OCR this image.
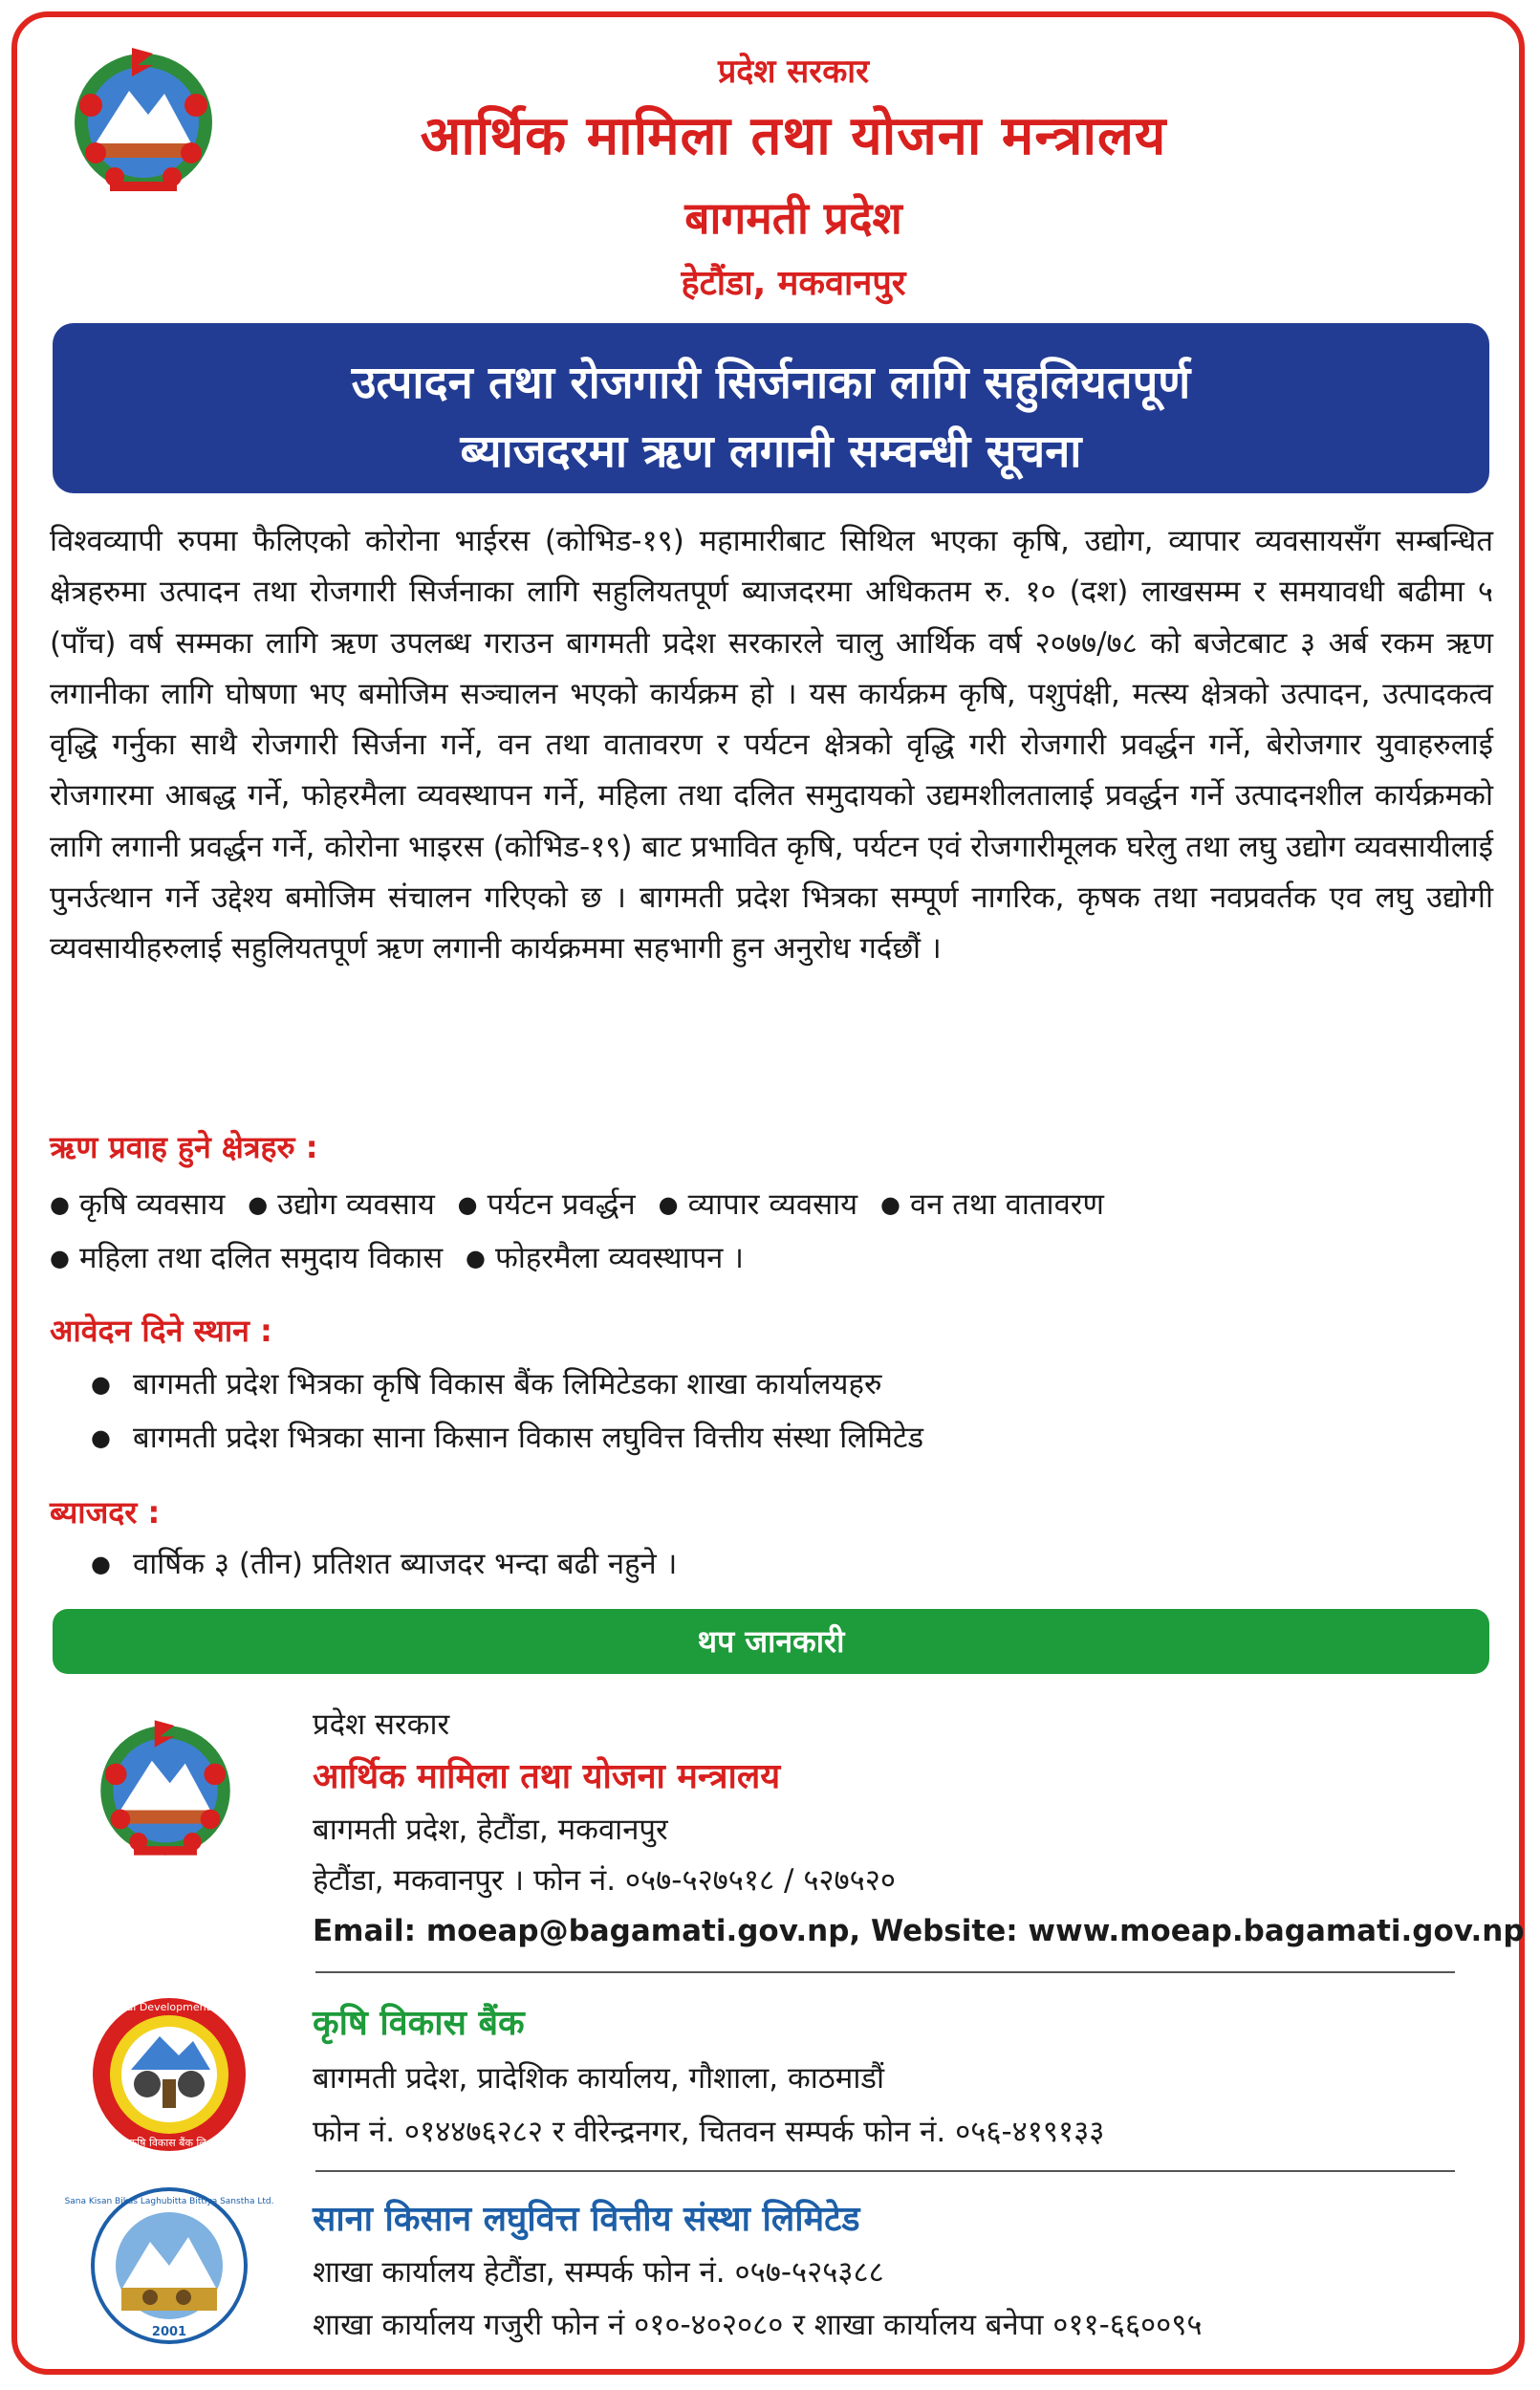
प्रदेश सरकार
आर्थिक मामिला तथा योजना मन्त्रालय
बागमती प्रदेश
हेटौंडा, मकवानपुर
उत्पादन तथा रोजगारी सिर्जनाका लागि सहुलियतपूर्ण
ब्याजदरमा ऋण लगानी सम्वन्धी सूचना

विश्वव्यापी रुपमा फैलिएको कोरोना भाईरस (कोभिड-१९) महामारीबाट सिथिल भएका कृषि, उद्योग, व्यापार व्यवसायसँग सम्बन्धित क्षेत्रहरुमा उत्पादन तथा रोजगारी सिर्जनाका लागि सहुलियतपूर्ण ब्याजदरमा अधिकतम रु. १० (दश) लाखसम्म र समयावधी बढीमा ५ (पाँच) वर्ष सम्मका लागि ऋण उपलब्ध गराउन बागमती प्रदेश सरकारले चालु आर्थिक वर्ष २०७७/७८ को बजेटबाट ३ अर्ब रकम ऋण लगानीका लागि घोषणा भए बमोजिम सञ्चालन भएको कार्यक्रम हो । यस कार्यक्रम कृषि, पशुपंक्षी, मत्स्य क्षेत्रको उत्पादन, उत्पादकत्व वृद्धि गर्नुका साथै रोजगारी सिर्जना गर्ने, वन तथा वातावरण र पर्यटन क्षेत्रको वृद्धि गरी रोजगारी प्रवर्द्धन गर्ने, बेरोजगार युवाहरुलाई रोजगारमा आबद्ध गर्ने, फोहरमैला व्यवस्थापन गर्ने, महिला तथा दलित समुदायको उद्यमशीलतालाई प्रवर्द्धन गर्ने उत्पादनशील कार्यक्रमको लागि लगानी प्रवर्द्धन गर्ने, कोरोना भाइरस (कोभिड-१९) बाट प्रभावित कृषि, पर्यटन एवं रोजगारीमूलक घरेलु तथा लघु उद्योग व्यवसायीलाई पुनर्उत्थान गर्ने उद्देश्य बमोजिम संचालन गरिएको छ । बागमती प्रदेश भित्रका सम्पूर्ण नागरिक, कृषक तथा नवप्रवर्तक एव लघु उद्योगी व्यवसायीहरुलाई सहुलियतपूर्ण ऋण लगानी कार्यक्रममा सहभागी हुन अनुरोध गर्दछौं ।

ऋण प्रवाह हुने क्षेत्रहरु :
● कृषि व्यवसाय ● उद्योग व्यवसाय ● पर्यटन प्रवर्द्धन ● व्यापार व्यवसाय ● वन तथा वातावरण ● महिला तथा दलित समुदाय विकास ● फोहरमैला व्यवस्थापन ।
आवेदन दिने स्थान :
● बागमती प्रदेश भित्रका कृषि विकास बैंक लिमिटेडका शाखा कार्यालयहरु
● बागमती प्रदेश भित्रका साना किसान विकास लघुवित्त वित्तीय संस्था लिमिटेड
ब्याजदर :
● वार्षिक ३ (तीन) प्रतिशत ब्याजदर भन्दा बढी नहुने ।
थप जानकारी
प्रदेश सरकार
आर्थिक मामिला तथा योजना मन्त्रालय
बागमती प्रदेश, हेटौंडा, मकवानपुर
हेटौंडा, मकवानपुर । फोन नं. ०५७-५२७५१८ / ५२७५२०
Email: moeap@bagamati.gov.np, Website: www.moeap.bagamati.gov.np
Agricultural Development Bank Ltd.
कृषि विकास बैंक लि.
कृषि विकास बैंक
बागमती प्रदेश, प्रादेशिक कार्यालय, गौशाला, काठमाडौं
फोन नं. ०१४४७६२८२ र वीरेन्द्रनगर, चितवन सम्पर्क फोन नं. ०५६-४१९१३३
Sana Kisan Bikas Laghubitta Bittiya Sanstha Ltd.
2001
साना किसान लघुवित्त वित्तीय संस्था लिमिटेड
शाखा कार्यालय हेटौंडा, सम्पर्क फोन नं. ०५७-५२५३८८
शाखा कार्यालय गजुरी फोन नं ०१०-४०२०८० र शाखा कार्यालय बनेपा ०११-६६००९५
